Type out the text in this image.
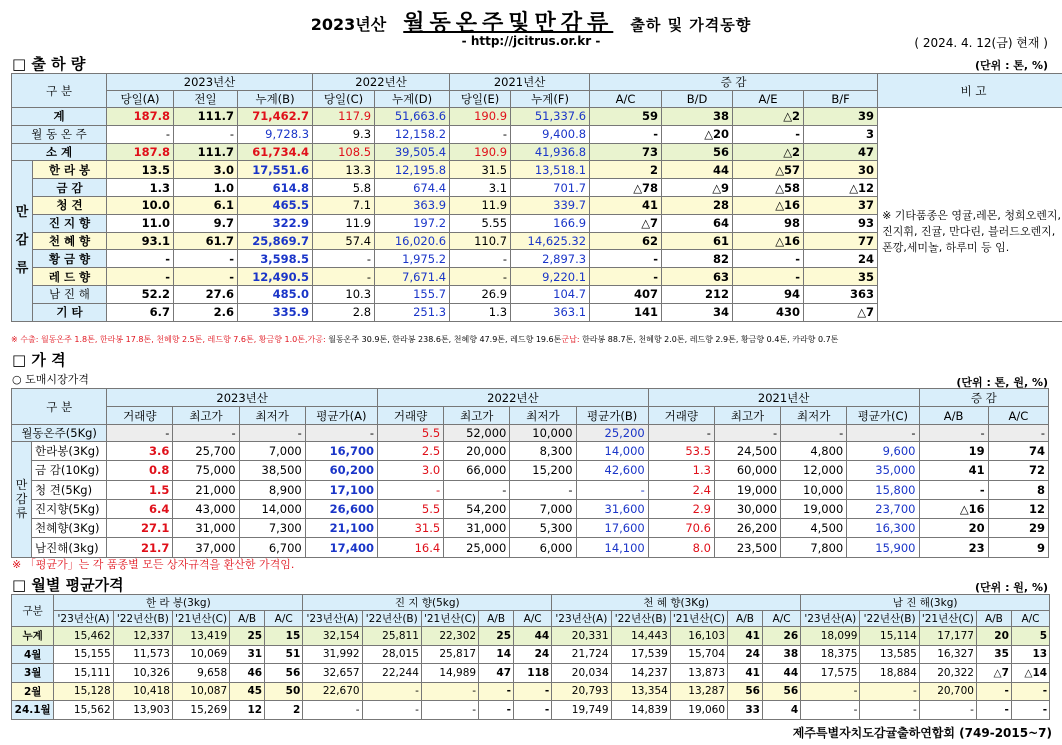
2023년산 월동온주및만감류 출하 및 가격동향
- http://jcitrus.or.kr -	( 2024. 4. 12(금) 현재 )
□ 출 하 량	(단위 : 톤, %)
구 분		2023년산			2022년산		2021년산		증 감				비 고
		당일(A)	전일	누계(B)	당일(C)	누계(D)	당일(E)	누계(F)	A/C	B/D	A/E	B/F	
계		187.8	111.7	71,462.7	117.9	51,663.6	190.9	51,337.6	59	38	△2	39	
월 동 온 주		-	-	9,728.3	9.3	12,158.2	-	9,400.8	-	△20	-	3	
소 계		187.8	111.7	61,734.4	108.5	39,505.4	190.9	41,936.8	73	56	△2	47	※ 기타품종은 영귤,레몬, 청희오렌지, 진지휘, 진귤, 만다린, 블러드오렌지, 폰깡,세미놀, 하루미 등 임.
만

감

류	한 라 봉	13.5	3.0	17,551.6	13.3	12,195.8	31.5	13,518.1	2	44	△57	30	
	금 감	1.3	1.0	614.8	5.8	674.4	3.1	701.7	△78	△9	△58	△12	
	청 견	10.0	6.1	465.5	7.1	363.9	11.9	339.7	41	28	△16	37	
	진 지 향	11.0	9.7	322.9	11.9	197.2	5.55	166.9	△7	64	98	93	
	천 혜 향	93.1	61.7	25,869.7	57.4	16,020.6	110.7	14,625.32	62	61	△16	77	
	황 금 향	-	-	3,598.5	-	1,975.2	-	2,897.3	-	82	-	24	
	레 드 향	-	-	12,490.5	-	7,671.4	-	9,220.1	-	63	-	35	
	남 진 해	52.2	27.6	485.0	10.3	155.7	26.9	104.7	407	212	94	363	
	기 타	6.7	2.6	335.9	2.8	251.3	1.3	363.1	141	34	430	△7	
※ 수출: 월동온주 1.8톤, 한라봉 17.8톤, 천혜향 2.5톤, 레드향 7.6톤, 황금향 1.0톤,가공: 월동온주 30.9톤, 한라봉 238.6톤, 천혜향 47.9톤, 레드향 19.6톤군납: 한라봉 88.7톤, 천혜향 2.0톤, 레드향 2.9톤, 황금향 0.4톤, 카라향 0.7톤
□ 가 격
○ 도매시장가격	(단위 : 톤, 원, %)
구 분		2023년산				2022년산				2021년산				증 감	
		거래량	최고가	최저가	평균가(A)	거래량	최고가	최저가	평균가(B)	거래량	최고가	최저가	평균가(C)	A/B	A/C
월동온주(5Kg)		-	-	-	-	5.5	52,000	10,000	25,200	-	-	-	-	-	-
만
감
류	한라봉(3Kg)	3.6	25,700	7,000	16,700	2.5	20,000	8,300	14,000	53.5	24,500	4,800	9,600	19	74
	금 감(10Kg)	0.8	75,000	38,500	60,200	3.0	66,000	15,200	42,600	1.3	60,000	12,000	35,000	41	72
	청 견(5Kg)	1.5	21,000	8,900	17,100	-	-	-	-	2.4	19,000	10,000	15,800	-	8
	진지향(5Kg)	6.4	43,000	14,000	26,600	5.5	54,200	7,000	31,600	2.9	30,000	19,000	23,700	△16	12
	천혜향(3Kg)	27.1	31,000	7,300	21,100	31.5	31,000	5,300	17,600	70.6	26,200	4,500	16,300	20	29
	남진해(3kg)	21.7	37,000	6,700	17,400	16.4	25,000	6,000	14,100	8.0	23,500	7,800	15,900	23	9
※ 「평균가」는 각 품종별 모든 상자규격을 환산한 가격임.
□ 월별 평균가격	(단위 : 원, %)
구분	한 라 봉(3kg)					진 지 향(5kg)					천 혜 향(3Kg)					남 진 해(3kg)				
	'23년산(A)	'22년산(B)	'21년산(C)	A/B	A/C	'23년산(A)	'22년산(B)	'21년산(C)	A/B	A/C	'23년산(A)	'22년산(B)	'21년산(C)	A/B	A/C	'23년산(A)	'22년산(B)	'21년산(C)	A/B	A/C
누계	15,462	12,337	13,419	25	15	32,154	25,811	22,302	25	44	20,331	14,443	16,103	41	26	18,099	15,114	17,177	20	5
4월	15,155	11,573	10,069	31	51	31,992	28,015	25,817	14	24	21,724	17,539	15,704	24	38	18,375	13,585	16,327	35	13
3월	15,111	10,326	9,658	46	56	32,657	22,244	14,989	47	118	20,034	14,237	13,873	41	44	17,575	18,884	20,322	△7	△14
2월	15,128	10,418	10,087	45	50	22,670	-	-	-	-	20,793	13,354	13,287	56	56	-	-	20,700	-	-
24.1월	15,562	13,903	15,269	12	2	-	-	-	-	-	19,749	14,839	19,060	33	4	-	-	-	-	-
제주특별자치도감귤출하연합회 (749-2015~7)
